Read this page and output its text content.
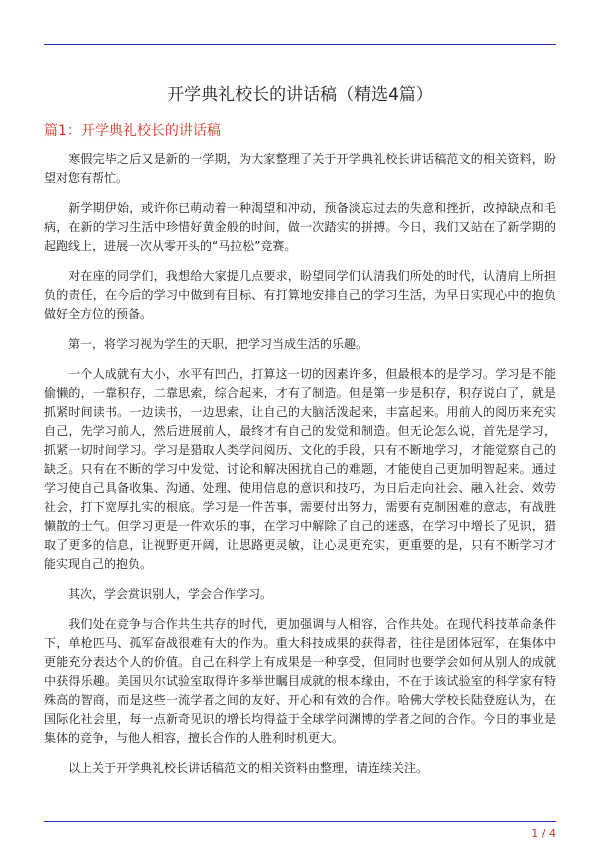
开学典礼校长的讲话稿（精选4篇）
篇1：开学典礼校长的讲话稿

寒假完毕之后又是新的一学期，为大家整理了关于开学典礼校长讲话稿范文的相关资料，盼望对您有帮忙。

新学期伊始，或许你已萌动着一种渴望和冲动，预备淡忘过去的失意和挫折，改掉缺点和毛病，在新的学习生活中珍惜好黄金般的时间，做一次踏实的拼搏。今日，我们又站在了新学期的起跑线上，进展一次从零开头的“马拉松”竞赛。

对在座的同学们，我想给大家提几点要求，盼望同学们认清我们所处的时代，认清肩上所担负的责任，在今后的学习中做到有目标、有打算地安排自己的学习生活，为早日实现心中的抱负做好全方位的预备。

第一，将学习视为学生的天职，把学习当成生活的乐趣。

一个人成就有大小，水平有凹凸，打算这一切的因素许多，但最根本的是学习。学习是不能偷懒的，一靠积存，二靠思索，综合起来，才有了制造。但是第一步是积存，积存说白了，就是抓紧时间读书。一边读书，一边思索，让自己的大脑活泼起来，丰富起来。用前人的阅历来充实自己，先学习前人，然后进展前人，最终才有自己的发觉和制造。但无论怎么说，首先是学习，抓紧一切时间学习。学习是猎取人类学问阅历、文化的手段，只有不断地学习，才能觉察自己的缺乏。只有在不断的学习中发觉、讨论和解决困扰自己的难题，才能使自己更加明智起来。通过学习使自己具备收集、沟通、处理、使用信息的意识和技巧，为日后走向社会、融入社会、效劳社会，打下宽厚扎实的根底。学习是一件苦事，需要付出努力，需要有克制困难的意志，有战胜懒散的士气。但学习更是一件欢乐的事，在学习中解除了自己的迷惑，在学习中增长了见识，猎取了更多的信息，让视野更开阔，让思路更灵敏，让心灵更充实，更重要的是，只有不断学习才能实现自己的抱负。

其次，学会赏识别人，学会合作学习。

我们处在竞争与合作共生共存的时代，更加强调与人相容，合作共处。在现代科技革命条件下，单枪匹马、孤军奋战很难有大的作为。重大科技成果的获得者，往往是团体冠军，在集体中更能充分表达个人的价值。自己在科学上有成果是一种享受，但同时也要学会如何从别人的成就中获得乐趣。美国贝尔试验室取得许多举世瞩目成就的根本缘由，不在于该试验室的科学家有特殊高的智商，而是这些一流学者之间的友好、开心和有效的合作。哈佛大学校长陆登庭认为，在国际化社会里，每一点新奇见识的增长均得益于全球学问渊博的学者之间的合作。今日的事业是集体的竞争，与他人相容，擅长合作的人胜利时机更大。

以上关于开学典礼校长讲话稿范文的相关资料由整理，请连续关注。

1 / 4
